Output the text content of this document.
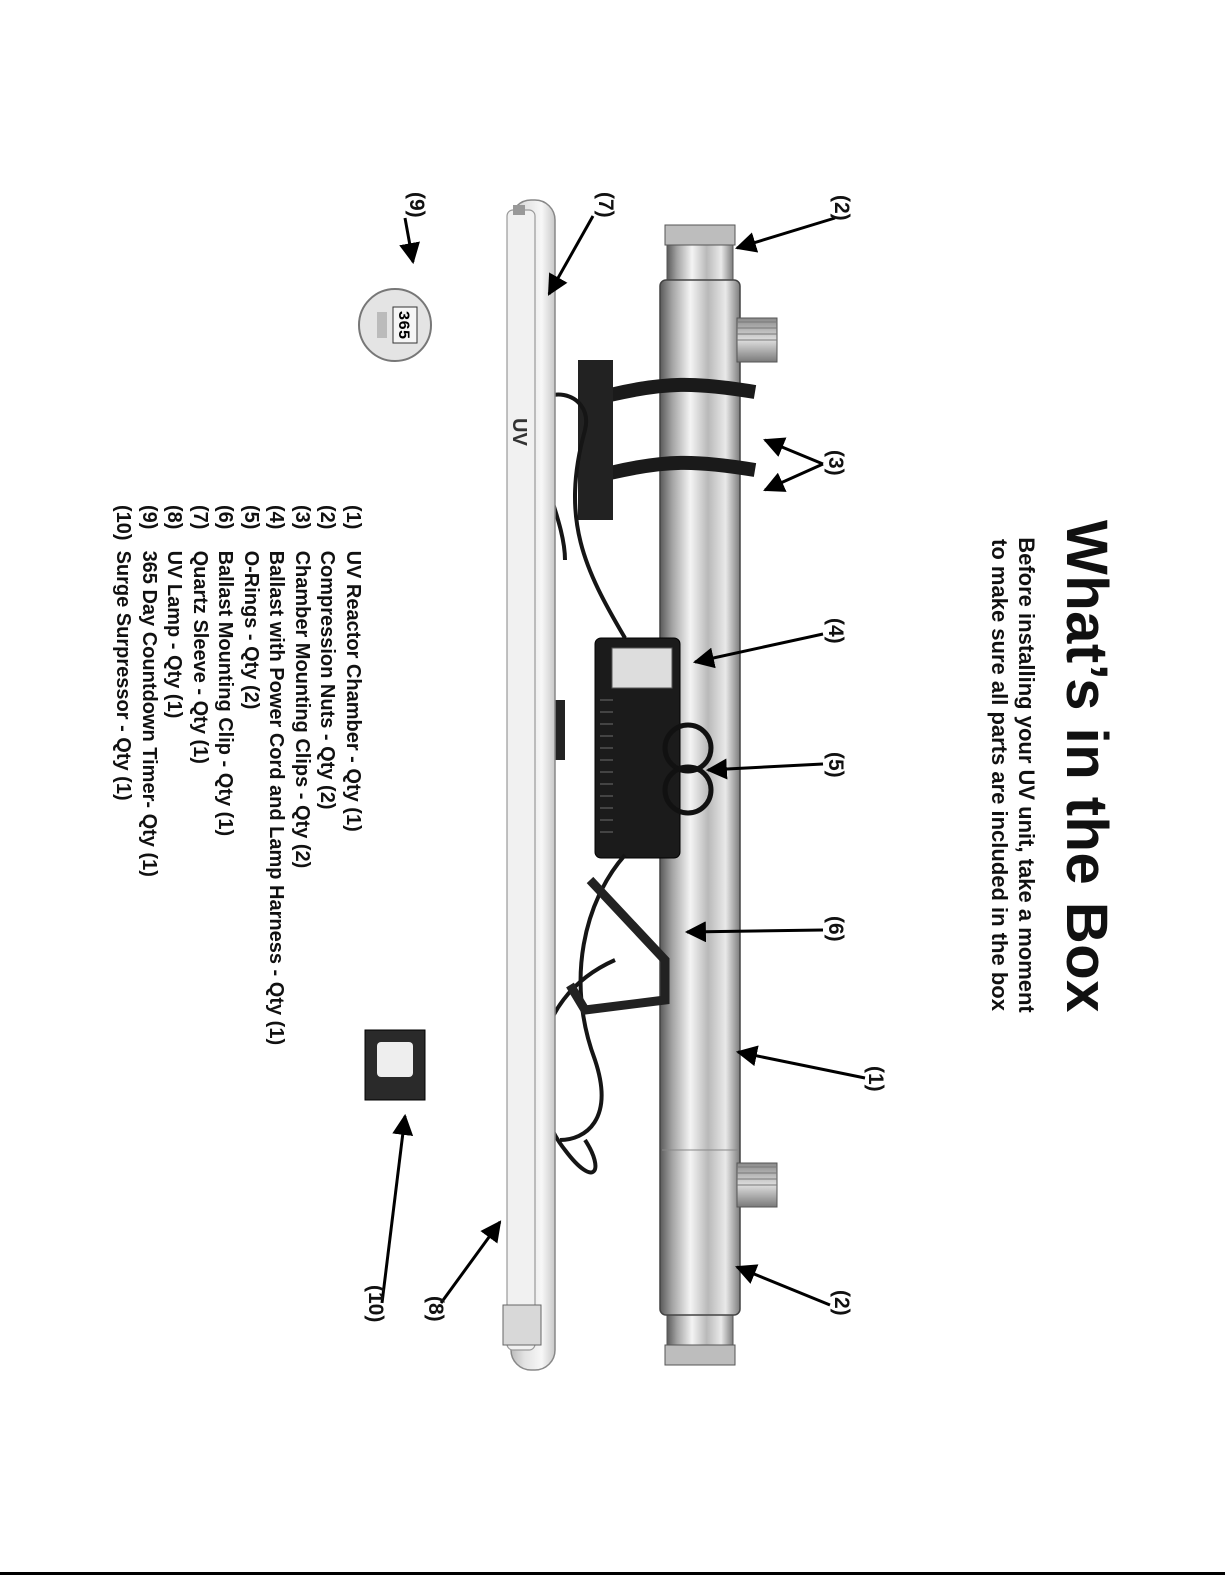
UV
365
What’s in the Box

Before installing your UV unit, take a moment
to make sure all parts are included in the box

(2)
(2)
(1)
(3)
(4)
(5)
(6)
(7)
(8)
(9)
(10)
(1) UV Reactor Chamber - Qty (1)
(2) Compression Nuts - Qty (2)
(3) Chamber Mounting Clips - Qty (2)
(4) Ballast with Power Cord and Lamp Harness - Qty (1)
(5) O-Rings - Qty (2)
(6) Ballast Mounting Clip - Qty (1)
(7) Quartz Sleeve - Qty (1)
(8) UV Lamp - Qty (1)
(9) 365 Day Countdown Timer- Qty (1)
(10) Surge Surpressor - Qty (1)
